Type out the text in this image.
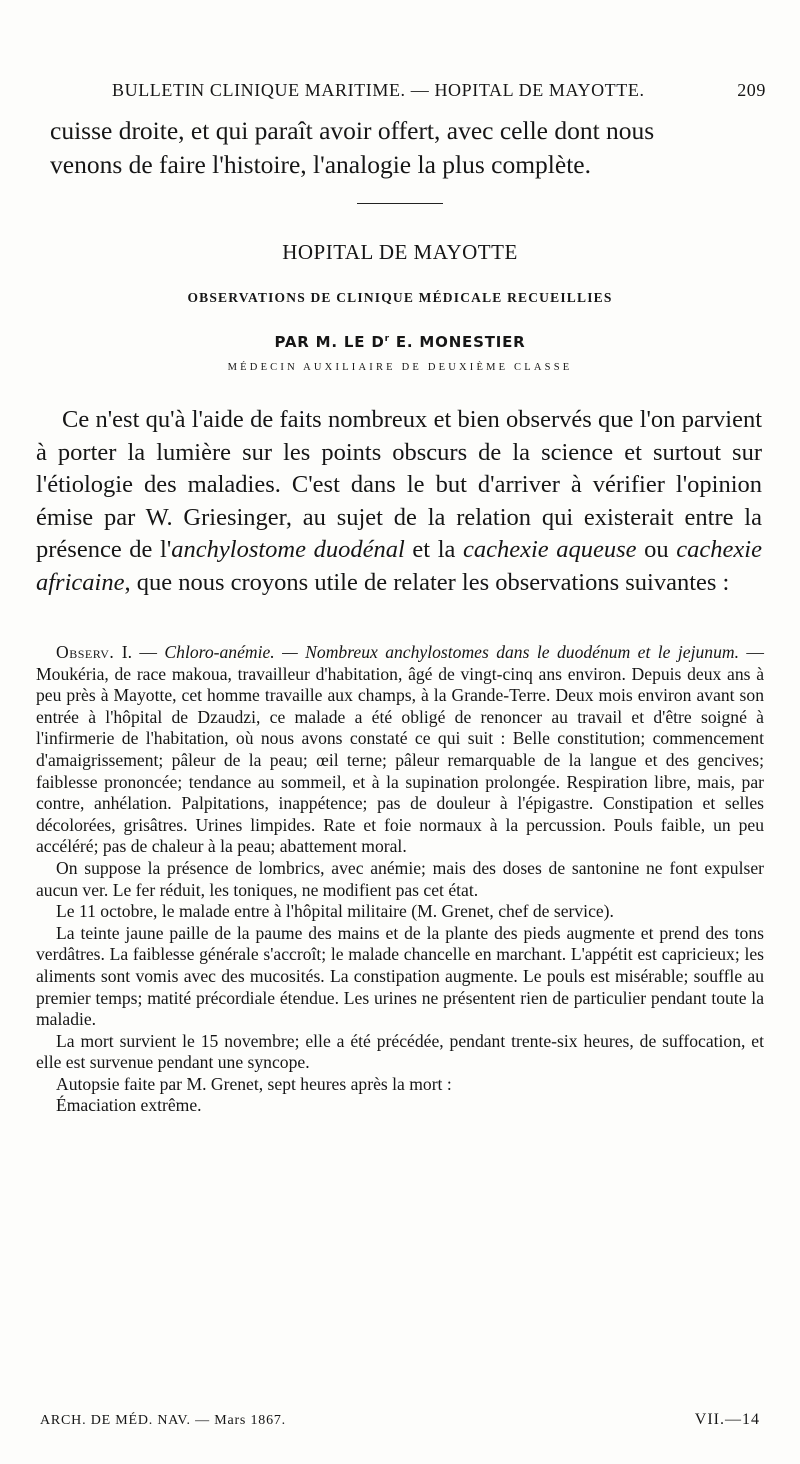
BULLETIN CLINIQUE MARITIME. — HOPITAL DE MAYOTTE.	209
cuisse droite, et qui paraît avoir offert, avec celle dont nous
venons de faire l'histoire, l'analogie la plus complète.
HOPITAL DE MAYOTTE
OBSERVATIONS DE CLINIQUE MÉDICALE RECUEILLIES
PAR M. LE $D^r$ E. MONESTIER
MÉDECIN AUXILIAIRE DE DEUXIÈME CLASSE

Ce n'est qu'à l'aide de faits nombreux et bien observés que l'on parvient à porter la lumière sur les points obscurs de la science et surtout sur l'étiologie des maladies. C'est dans le but d'arriver à vérifier l'opinion émise par W. Griesinger, au sujet de la relation qui existerait entre la présence de l'anchylostome duodénal et la cachexie aqueuse ou cachexie africaine, que nous croyons utile de relater les observations suivantes :

Observ. I. — Chloro-anémie. — Nombreux anchylostomes dans le duodénum et le jejunum. — Moukéria, de race makoua, travailleur d'habitation, âgé de vingt-cinq ans environ. Depuis deux ans à peu près à Mayotte, cet homme travaille aux champs, à la Grande-Terre. Deux mois environ avant son entrée à l'hôpital de Dzaudzi, ce malade a été obligé de renoncer au travail et d'être soigné à l'infirmerie de l'habitation, où nous avons constaté ce qui suit : Belle constitution; commencement d'amaigrissement; pâleur de la peau; œil terne; pâleur remarquable de la langue et des gencives; faiblesse prononcée; tendance au sommeil, et à la supination prolongée. Respiration libre, mais, par contre, anhélation. Palpitations, inappétence; pas de douleur à l'épigastre. Constipation et selles décolorées, grisâtres. Urines limpides. Rate et foie normaux à la percussion. Pouls faible, un peu accéléré; pas de chaleur à la peau; abattement moral.

On suppose la présence de lombrics, avec anémie; mais des doses de santonine ne font expulser aucun ver. Le fer réduit, les toniques, ne modifient pas cet état.

Le 11 octobre, le malade entre à l'hôpital militaire (M. Grenet, chef de service).

La teinte jaune paille de la paume des mains et de la plante des pieds augmente et prend des tons verdâtres. La faiblesse générale s'accroît; le malade chancelle en marchant. L'appétit est capricieux; les aliments sont vomis avec des mucosités. La constipation augmente. Le pouls est misérable; souffle au premier temps; matité précordiale étendue. Les urines ne présentent rien de particulier pendant toute la maladie.

La mort survient le 15 novembre; elle a été précédée, pendant trente-six heures, de suffocation, et elle est survenue pendant une syncope.

Autopsie faite par M. Grenet, sept heures après la mort :

Émaciation extrême.

ARCH. DE MÉD. NAV. — Mars 1867.	VII.—14
